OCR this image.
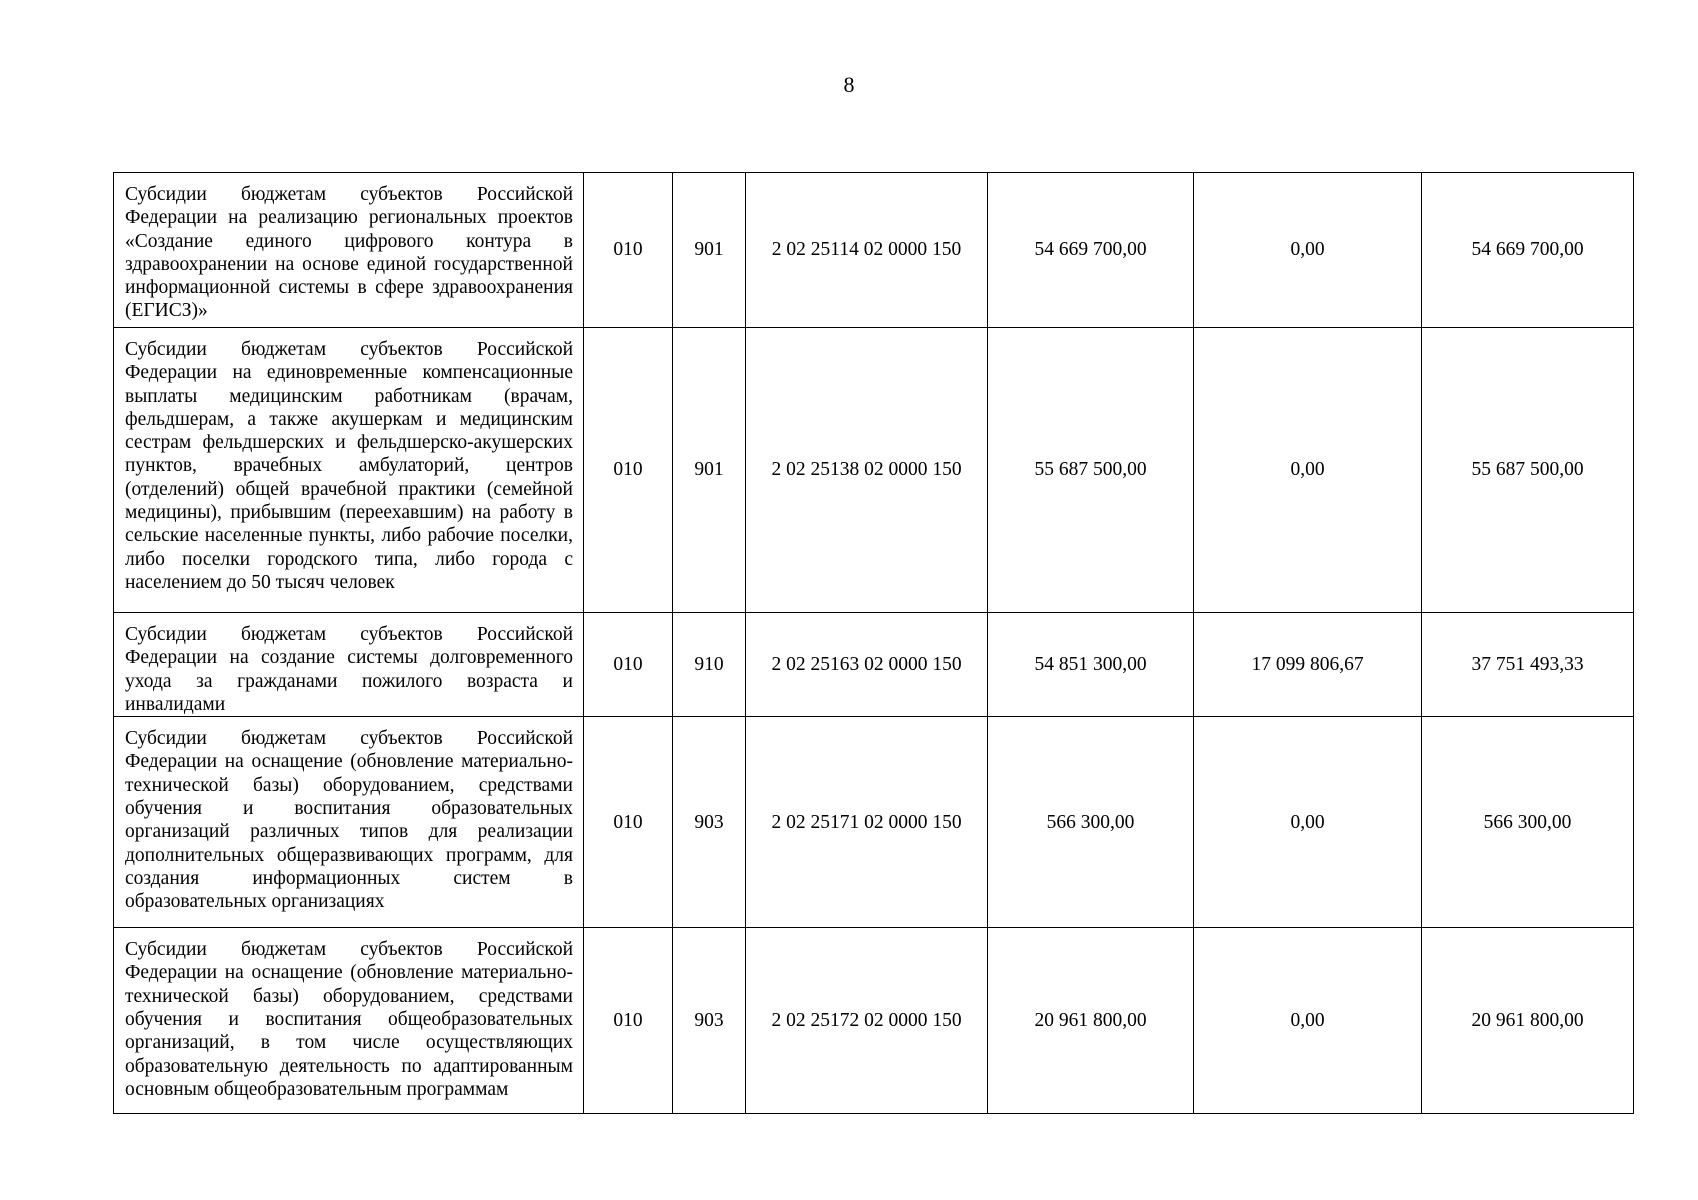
8
Субсидии бюджетам субъектов Российской Федерации на реализацию региональных проектов «Создание единого цифрового контура в здравоохранении на основе единой государственной информационной системы в сфере здравоохранения (ЕГИСЗ)»	010	901	2 02 25114 02 0000 150	54 669 700,00	0,00	54 669 700,00
Субсидии бюджетам субъектов Российской Федерации на единовременные компенсационные выплаты медицинским работникам (врачам, фельдшерам, а также акушеркам и медицинским сестрам фельдшерских и фельдшерско-акушерских пунктов, врачебных амбулаторий, центров (отделений) общей врачебной практики (семейной медицины), прибывшим (переехавшим) на работу в сельские населенные пункты, либо рабочие поселки, либо поселки городского типа, либо города с населением до 50 тысяч человек	010	901	2 02 25138 02 0000 150	55 687 500,00	0,00	55 687 500,00
Субсидии бюджетам субъектов Российской Федерации на создание системы долговременного ухода за гражданами пожилого возраста и инвалидами	010	910	2 02 25163 02 0000 150	54 851 300,00	17 099 806,67	37 751 493,33
Субсидии бюджетам субъектов Российской Федерации на оснащение (обновление материально-технической базы) оборудованием, средствами обучения и воспитания образовательных организаций различных типов для реализации дополнительных общеразвивающих программ, для создания информационных систем в образовательных организациях	010	903	2 02 25171 02 0000 150	566 300,00	0,00	566 300,00
Субсидии бюджетам субъектов Российской Федерации на оснащение (обновление материально-технической базы) оборудованием, средствами обучения и воспитания общеобразовательных организаций, в том числе осуществляющих образовательную деятельность по адаптированным основным общеобразовательным программам	010	903	2 02 25172 02 0000 150	20 961 800,00	0,00	20 961 800,00
